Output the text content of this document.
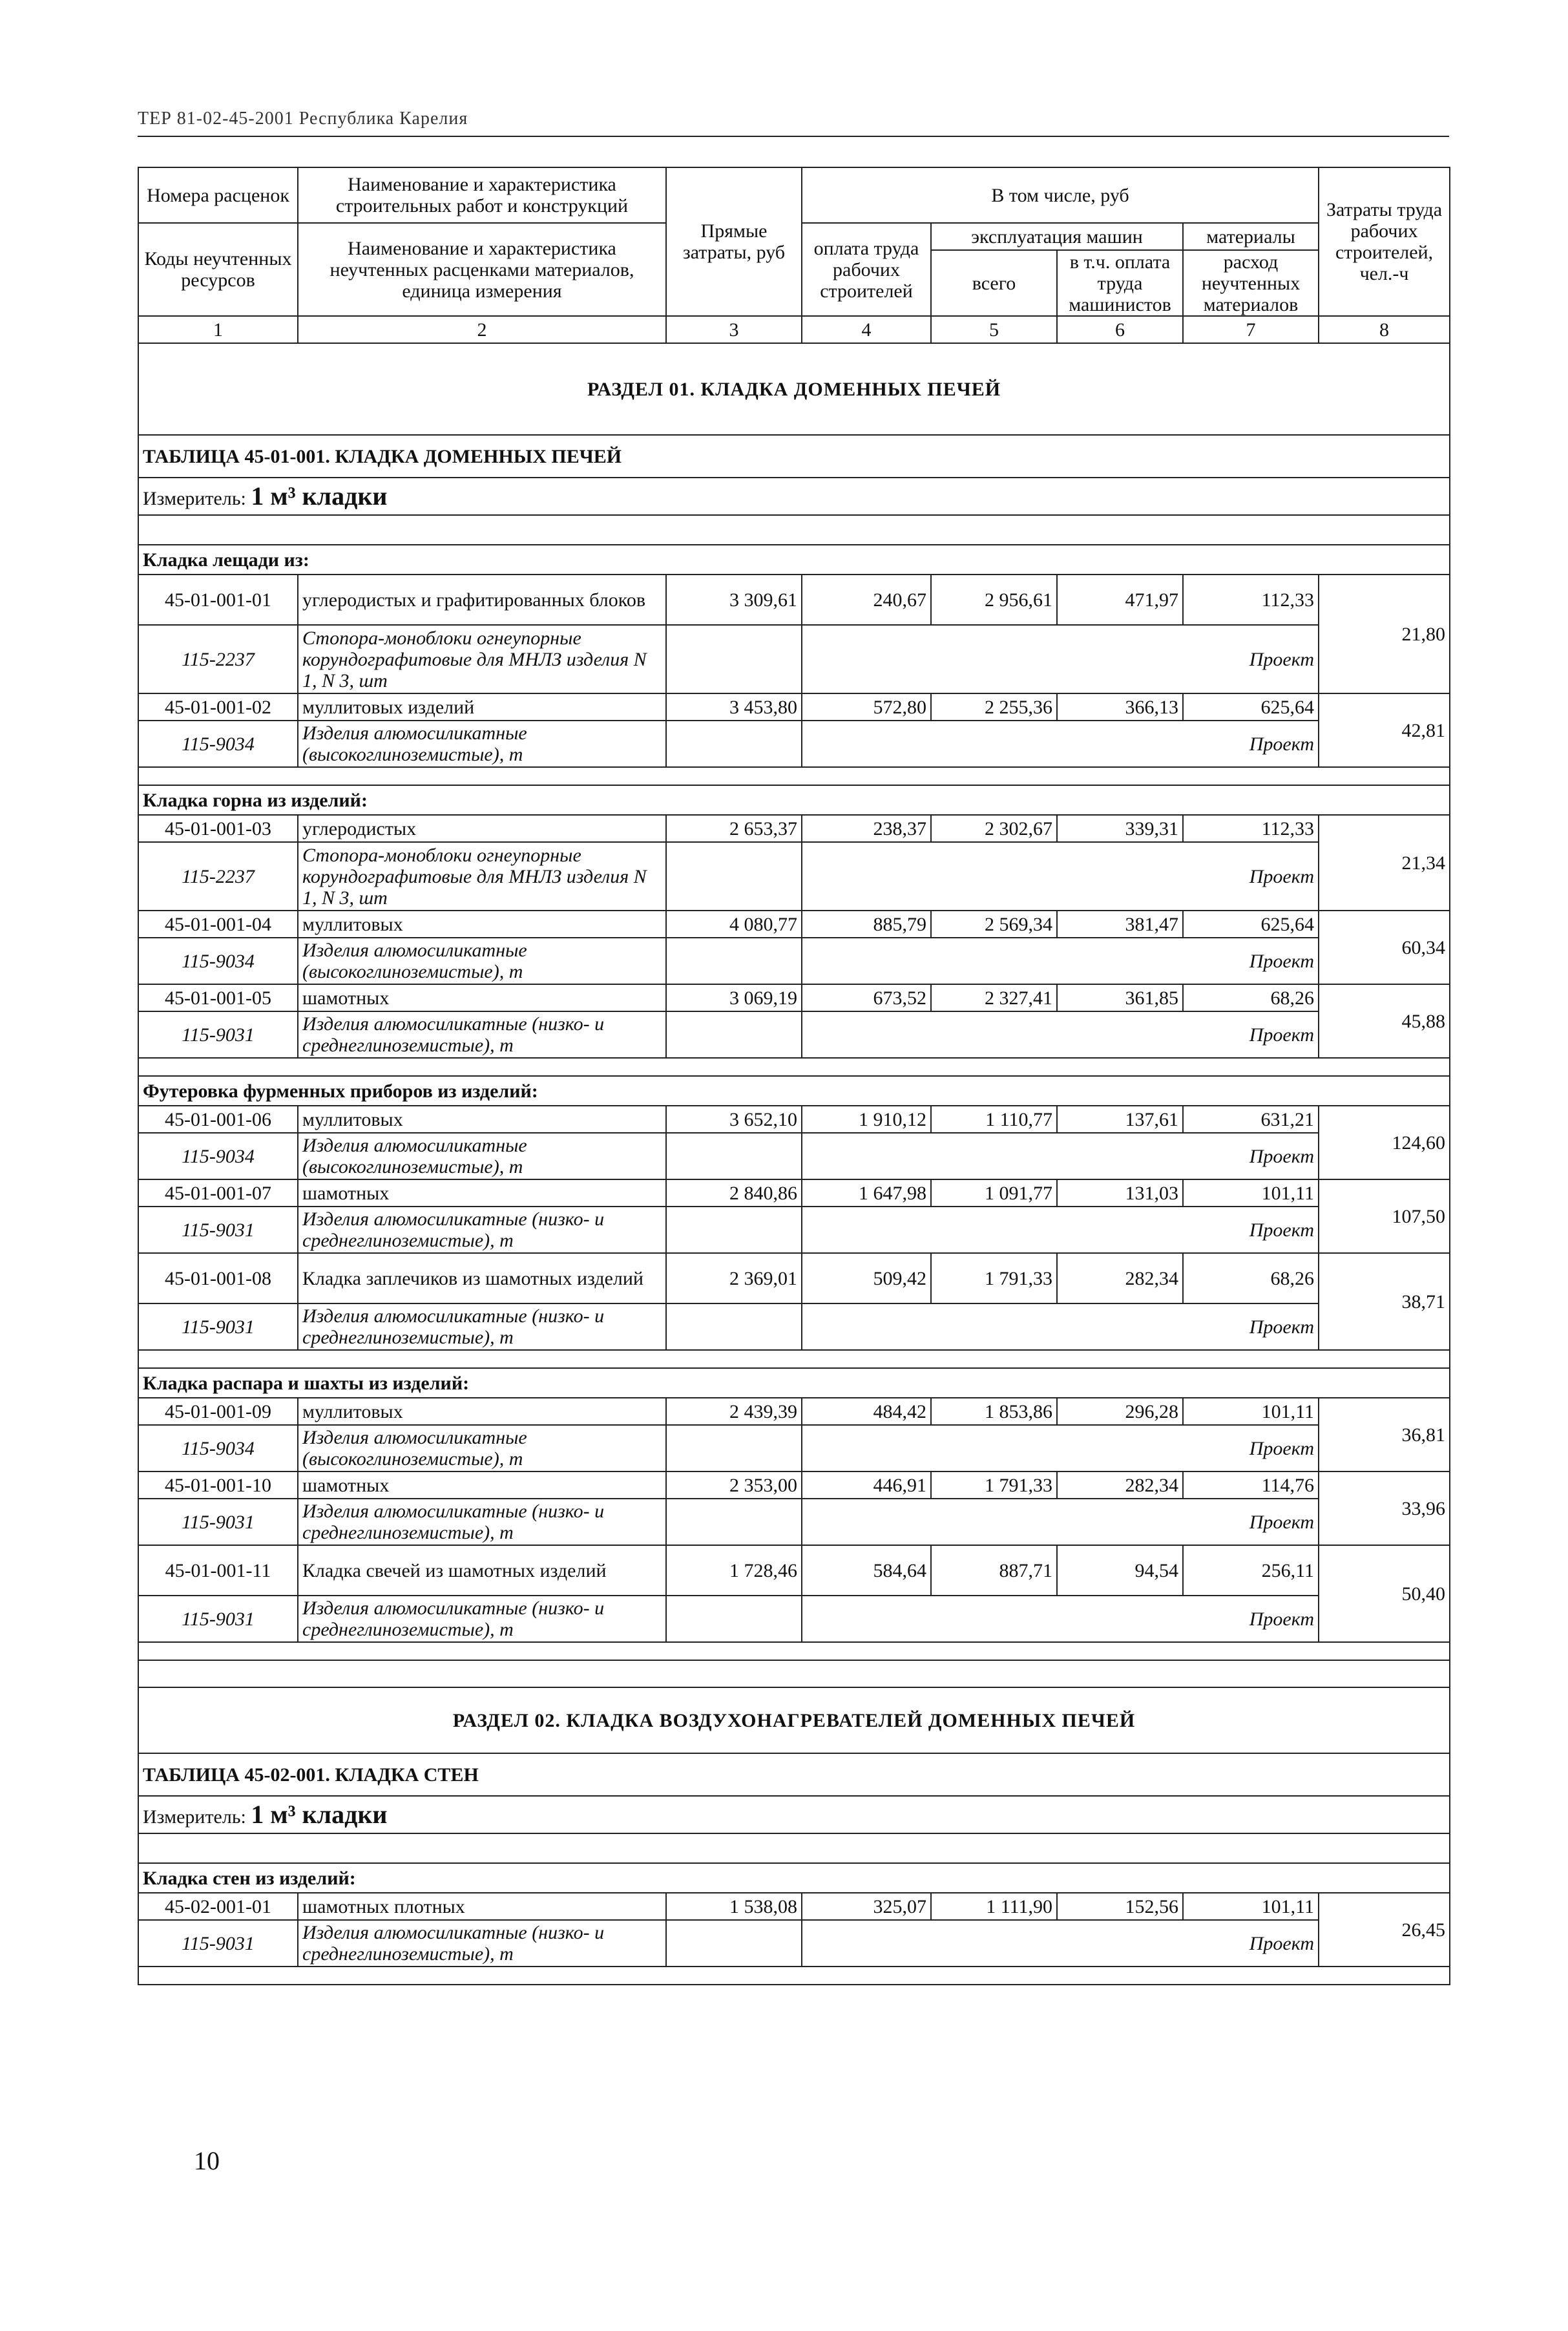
ТЕР 81-02-45-2001 Республика Карелия
Номера расценок	Наименование и характеристика строительных работ и конструкций	Прямые затраты, руб	В том числе, руб				Затраты труда рабочих строителей, чел.-ч
Коды неучтенных ресурсов	Наименование и характеристика неучтенных расценками материалов, единица измерения		оплата труда рабочих строителей	эксплуатация машин		материалы	
				всего	в т.ч. оплата труда машинистов	расход неучтенных материалов	
1	2	3	4	5	6	7	8
РАЗДЕЛ 01. КЛАДКА ДОМЕННЫХ ПЕЧЕЙ							
ТАБЛИЦА 45-01-001. КЛАДКА ДОМЕННЫХ ПЕЧЕЙ							
Измеритель: 1 м³ кладки							

Кладка лещади из:							
45-01-001-01	углеродистых и графитированных блоков	3 309,61	240,67	2 956,61	471,97	112,33	21,80
115-2237	Стопора-моноблоки огнеупорные корундографитовые для МНЛЗ изделия N 1, N 3, шт		Проект				
45-01-001-02	муллитовых изделий	3 453,80	572,80	2 255,36	366,13	625,64	42,81
115-9034	Изделия алюмосиликатные (высокоглиноземистые), т		Проект				

Кладка горна из изделий:							
45-01-001-03	углеродистых	2 653,37	238,37	2 302,67	339,31	112,33	21,34
115-2237	Стопора-моноблоки огнеупорные корундографитовые для МНЛЗ изделия N 1, N 3, шт		Проект				
45-01-001-04	муллитовых	4 080,77	885,79	2 569,34	381,47	625,64	60,34
115-9034	Изделия алюмосиликатные (высокоглиноземистые), т		Проект				
45-01-001-05	шамотных	3 069,19	673,52	2 327,41	361,85	68,26	45,88
115-9031	Изделия алюмосиликатные (низко- и среднеглиноземистые), т		Проект				

Футеровка фурменных приборов из изделий:							
45-01-001-06	муллитовых	3 652,10	1 910,12	1 110,77	137,61	631,21	124,60
115-9034	Изделия алюмосиликатные (высокоглиноземистые), т		Проект				
45-01-001-07	шамотных	2 840,86	1 647,98	1 091,77	131,03	101,11	107,50
115-9031	Изделия алюмосиликатные (низко- и среднеглиноземистые), т		Проект				
45-01-001-08	Кладка заплечиков из шамотных изделий	2 369,01	509,42	1 791,33	282,34	68,26	38,71
115-9031	Изделия алюмосиликатные (низко- и среднеглиноземистые), т		Проект				

Кладка распара и шахты из изделий:							
45-01-001-09	муллитовых	2 439,39	484,42	1 853,86	296,28	101,11	36,81
115-9034	Изделия алюмосиликатные (высокоглиноземистые), т		Проект				
45-01-001-10	шамотных	2 353,00	446,91	1 791,33	282,34	114,76	33,96
115-9031	Изделия алюмосиликатные (низко- и среднеглиноземистые), т		Проект				
45-01-001-11	Кладка свечей из шамотных изделий	1 728,46	584,64	887,71	94,54	256,11	50,40
115-9031	Изделия алюмосиликатные (низко- и среднеглиноземистые), т		Проект				

РАЗДЕЛ 02. КЛАДКА ВОЗДУХОНАГРЕВАТЕЛЕЙ ДОМЕННЫХ ПЕЧЕЙ							
ТАБЛИЦА 45-02-001. КЛАДКА СТЕН							
Измеритель: 1 м³ кладки							

Кладка стен из изделий:							
45-02-001-01	шамотных плотных	1 538,08	325,07	1 111,90	152,56	101,11	26,45
115-9031	Изделия алюмосиликатные (низко- и среднеглиноземистые), т		Проект				

10
